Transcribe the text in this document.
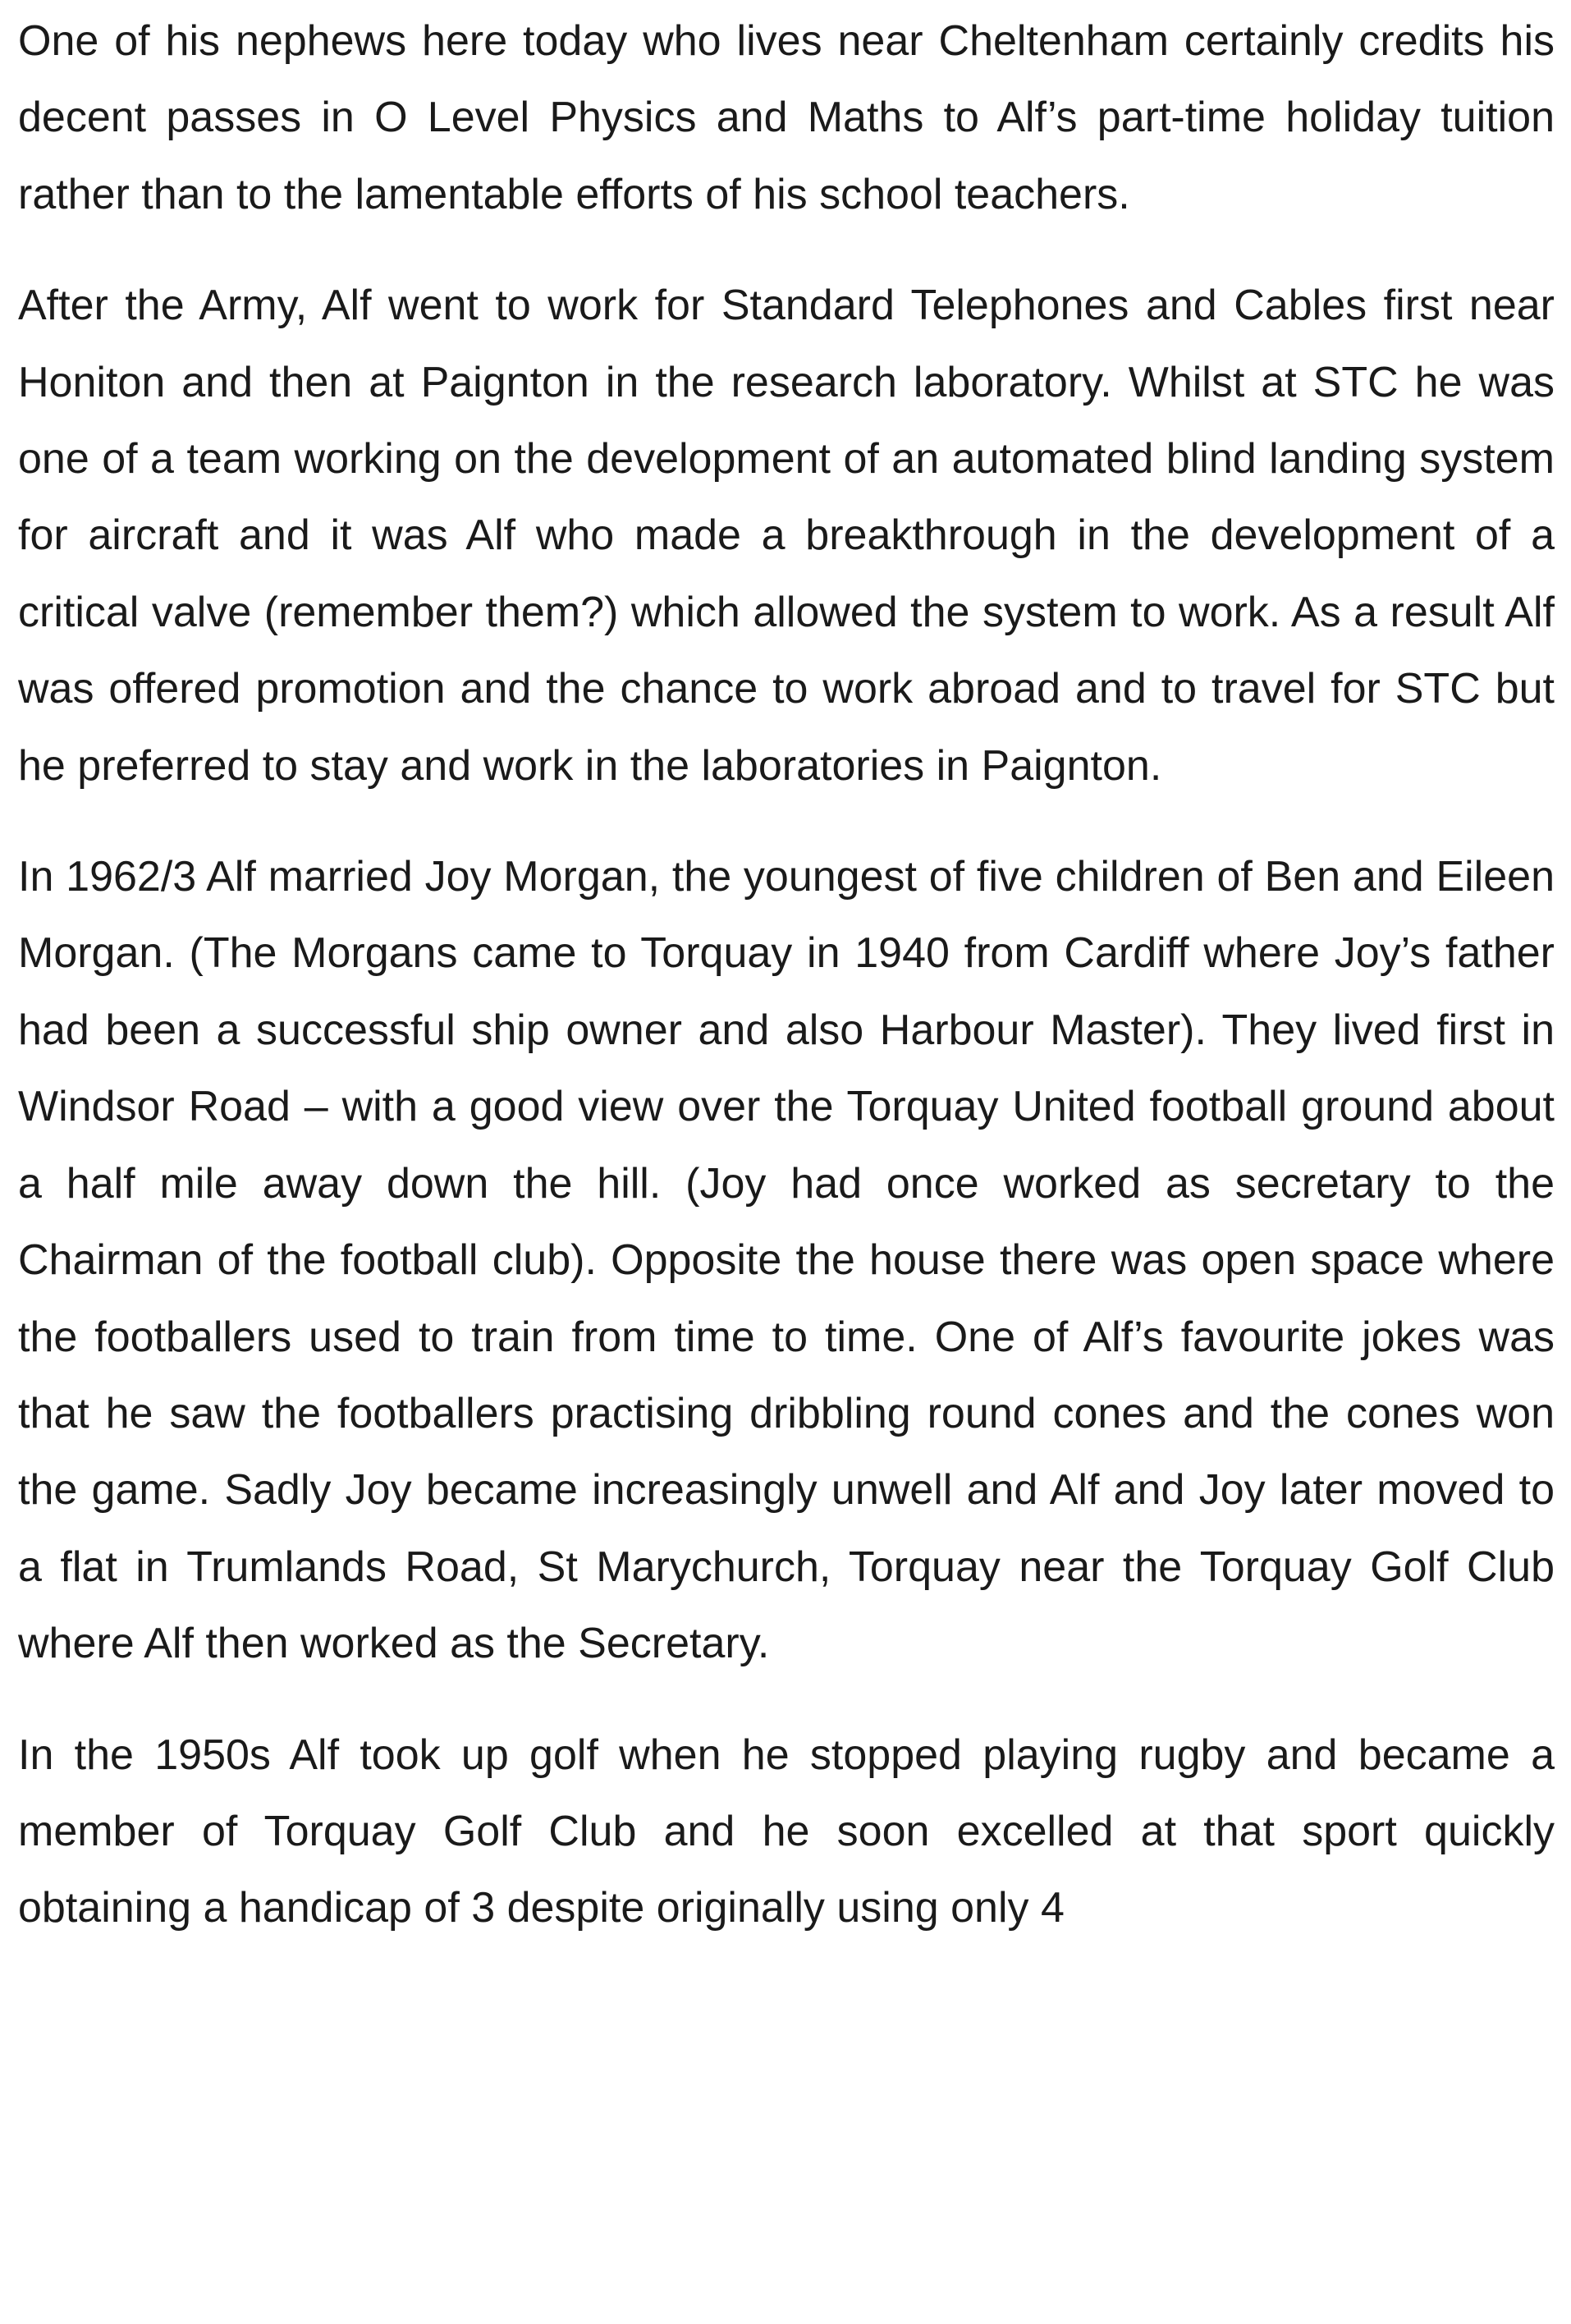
One of his nephews here today who lives near Cheltenham certainly credits his decent passes in O Level Physics and Maths to Alf’s part-time holiday tuition rather than to the lamentable efforts of his school teachers.

After the Army, Alf went to work for Standard Telephones and Cables first near Honiton and then at Paignton in the research laboratory. Whilst at STC he was one of a team working on the development of an automated blind landing system for aircraft and it was Alf who made a breakthrough in the development of a critical valve (remember them?) which allowed the system to work. As a result Alf was offered promotion and the chance to work abroad and to travel for STC but he preferred to stay and work in the laboratories in Paignton.

In 1962/3 Alf married Joy Morgan, the youngest of five children of Ben and Eileen Morgan. (The Morgans came to Torquay in 1940 from Cardiff where Joy’s father had been a successful ship owner and also Harbour Master). They lived first in Windsor Road – with a good view over the Torquay United football ground about a half mile away down the hill. (Joy had once worked as secretary to the Chairman of the football club). Opposite the house there was open space where the footballers used to train from time to time. One of Alf’s favourite jokes was that he saw the footballers practising dribbling round cones and the cones won the game. Sadly Joy became increasingly unwell and Alf and Joy later moved to a flat in Trumlands Road, St Marychurch, Torquay near the Torquay Golf Club where Alf then worked as the Secretary.

In the 1950s Alf took up golf when he stopped playing rugby and became a member of Torquay Golf Club and he soon excelled at that sport quickly obtaining a handicap of 3 despite originally using only 4
